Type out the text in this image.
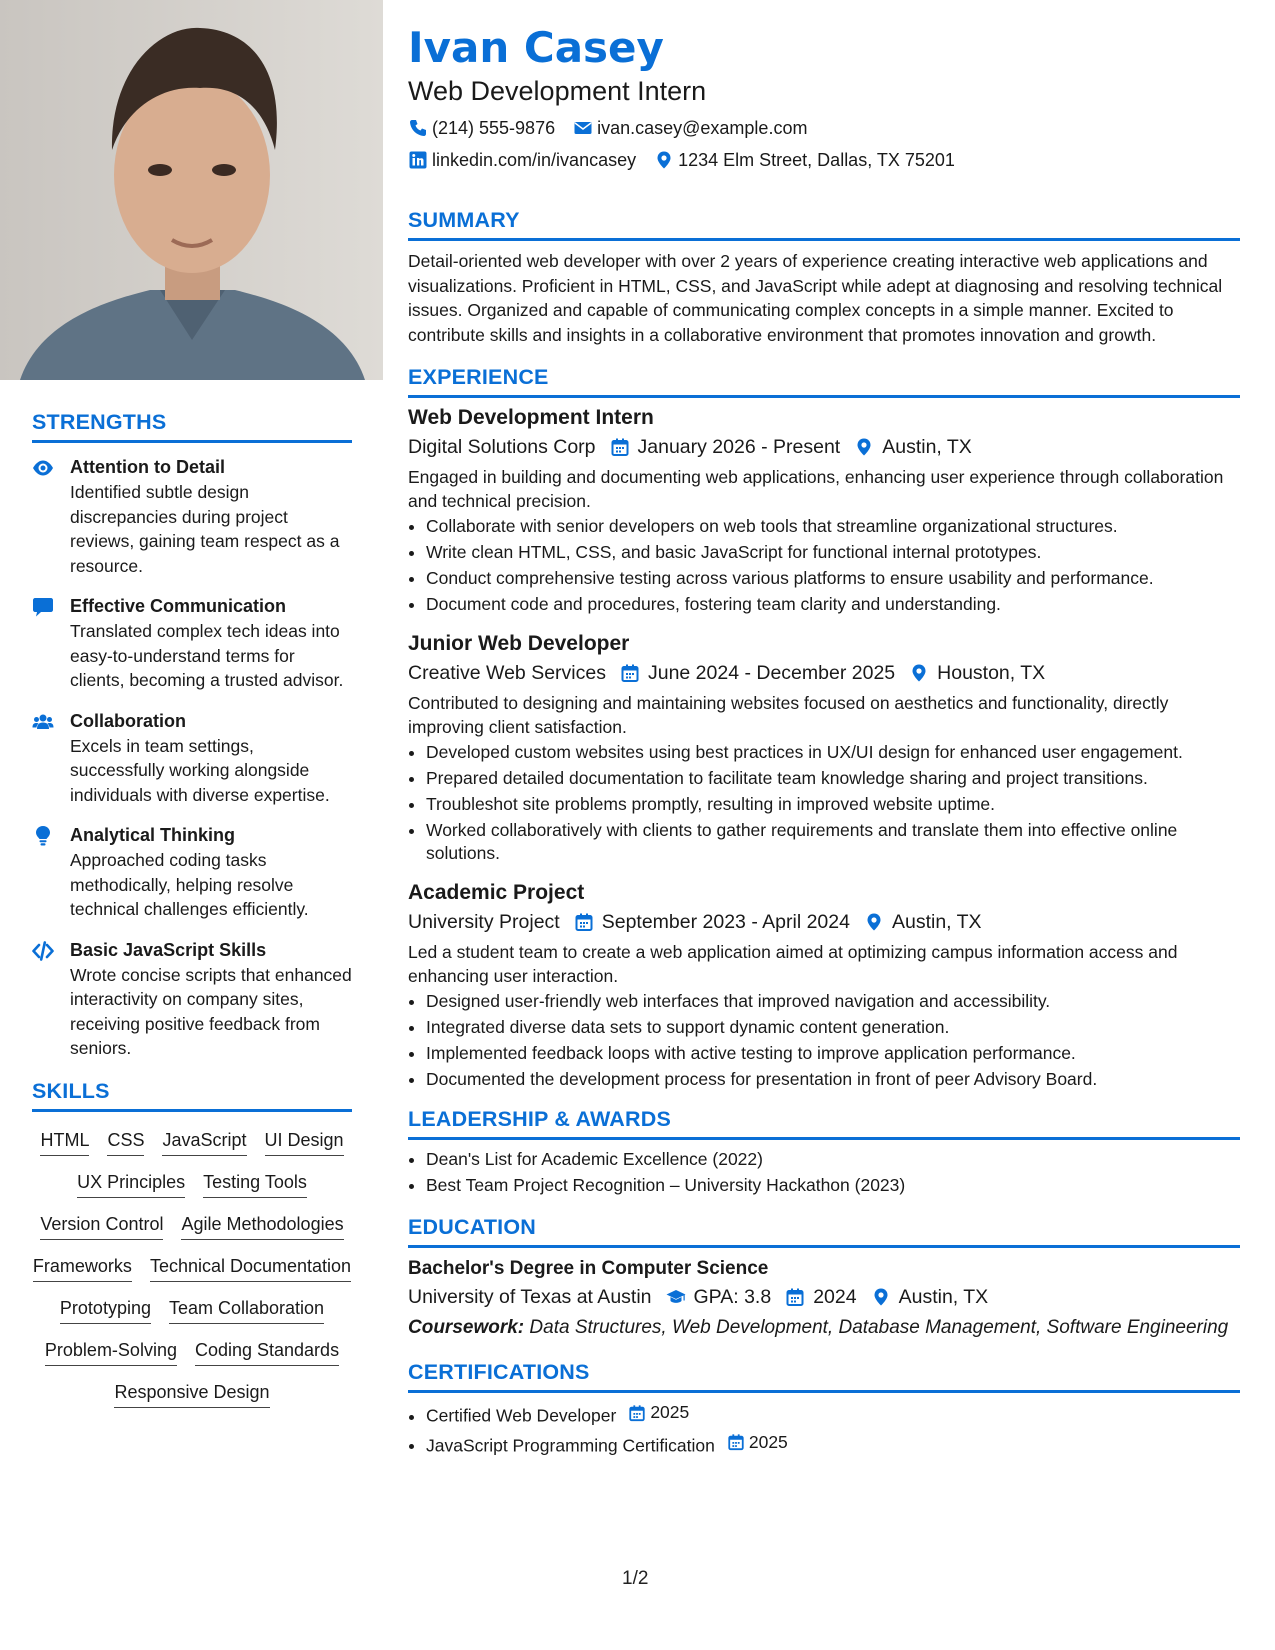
STRENGTHS
Attention to Detail
Identified subtle design discrepancies during project reviews, gaining team respect as a resource.
Effective Communication
Translated complex tech ideas into easy-to-understand terms for clients, becoming a trusted advisor.
Collaboration
Excels in team settings, successfully working alongside individuals with diverse expertise.
Analytical Thinking
Approached coding tasks methodically, helping resolve technical challenges efficiently.
Basic JavaScript Skills
Wrote concise scripts that enhanced interactivity on company sites, receiving positive feedback from seniors.
SKILLS
HTML CSS JavaScript UI Design
UX Principles Testing Tools
Version Control Agile Methodologies
Frameworks Technical Documentation
Prototyping Team Collaboration
Problem-Solving Coding Standards
Responsive Design
Ivan Casey
Web Development Intern
(214) 555-9876 ivan.casey@example.com
linkedin.com/in/ivancasey 1234 Elm Street, Dallas, TX 75201
SUMMARY
Detail-oriented web developer with over 2 years of experience creating interactive web applications and visualizations. Proficient in HTML, CSS, and JavaScript while adept at diagnosing and resolving technical issues. Organized and capable of communicating complex concepts in a simple manner. Excited to contribute skills and insights in a collaborative environment that promotes innovation and growth.
EXPERIENCE
Web Development Intern
Digital Solutions Corp January 2026 - Present Austin, TX
Engaged in building and documenting web applications, enhancing user experience through collaboration and technical precision.
• Collaborate with senior developers on web tools that streamline organizational structures.
• Write clean HTML, CSS, and basic JavaScript for functional internal prototypes.
• Conduct comprehensive testing across various platforms to ensure usability and performance.
• Document code and procedures, fostering team clarity and understanding.
Junior Web Developer
Creative Web Services June 2024 - December 2025 Houston, TX
Contributed to designing and maintaining websites focused on aesthetics and functionality, directly improving client satisfaction.
• Developed custom websites using best practices in UX/UI design for enhanced user engagement.
• Prepared detailed documentation to facilitate team knowledge sharing and project transitions.
• Troubleshot site problems promptly, resulting in improved website uptime.
• Worked collaboratively with clients to gather requirements and translate them into effective online solutions.
Academic Project
University Project September 2023 - April 2024 Austin, TX
Led a student team to create a web application aimed at optimizing campus information access and enhancing user interaction.
• Designed user-friendly web interfaces that improved navigation and accessibility.
• Integrated diverse data sets to support dynamic content generation.
• Implemented feedback loops with active testing to improve application performance.
• Documented the development process for presentation in front of peer Advisory Board.
LEADERSHIP & AWARDS
• Dean's List for Academic Excellence (2022)
• Best Team Project Recognition – University Hackathon (2023)
EDUCATION
Bachelor's Degree in Computer Science
University of Texas at Austin GPA: 3.8 2024 Austin, TX
Coursework: Data Structures, Web Development, Database Management, Software Engineering
CERTIFICATIONS
• Certified Web Developer 2025
• JavaScript Programming Certification 2025
1/2
